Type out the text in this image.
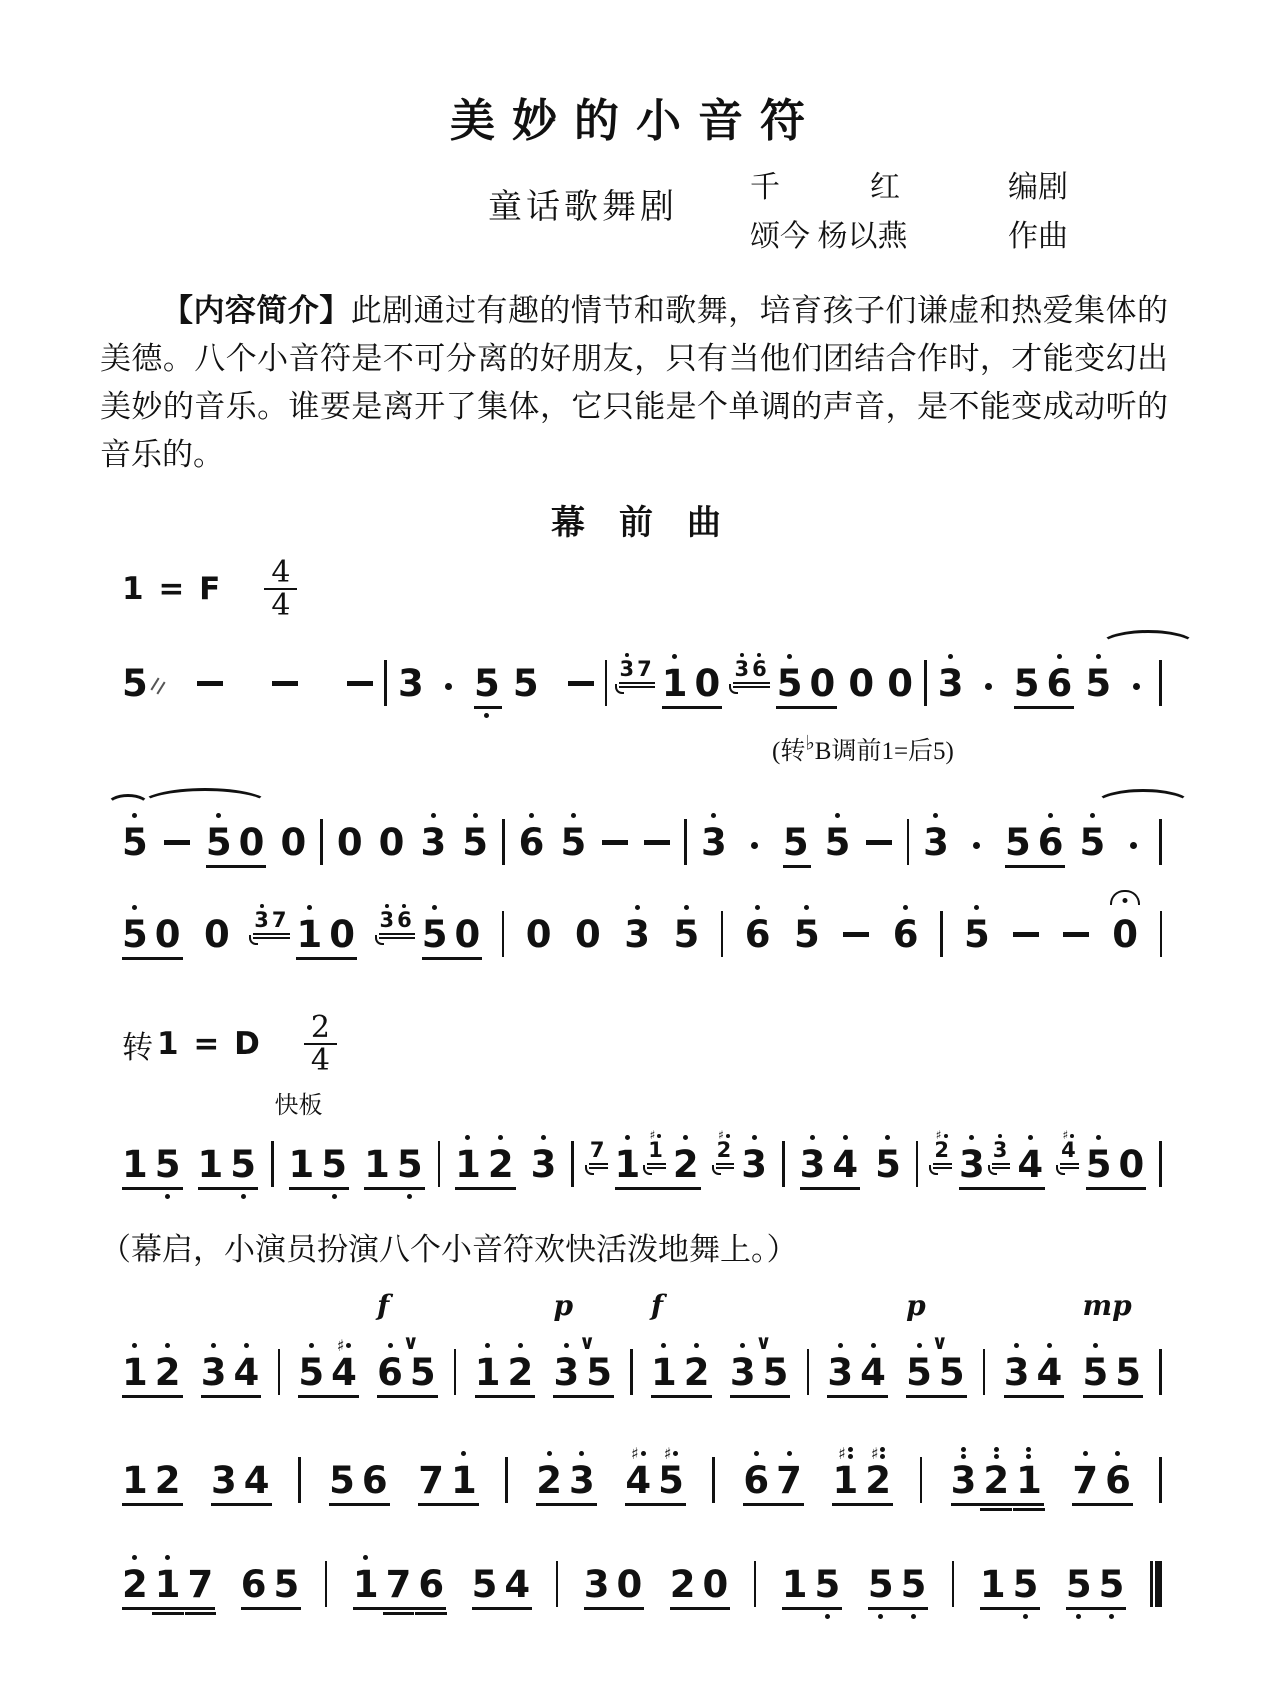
美妙的小音符
童话歌舞剧
千　　　红	编剧
颂今 杨以燕	作曲

【内容简介】此剧通过有趣的情节和歌舞，培育孩子们谦虚和热爱集体的美德。八个小音符是不可分离的好朋友，只有当他们团结合作时，才能变幻出美妙的音乐。谁要是离开了集体，它只能是个单调的声音，是不能变成动听的音乐的。

幕　前　曲
1 = F $\frac{4}{4}$
5	3 5 5	3 7 1 0 3 6 5 0 0 0 3 5 6 5
(转♭B调前1=后5)
5 5 0 0 0 0 3 5 6 5	3 5 5 3 5 6 5
5 0 0 3 7 1 0 3 6 5 0 0 0 3 5 6 5 6 5	0
转 1 = D $\frac{2}{4}$
1 5 1 5 1
快板
5 1 5 1 2 3 7 1
♯
1 2
♯
2 3 3 4 5
♯
2 3 3 4
♯
4 5 0

（幕启，小演员扮演八个小音符欢快活泼地舞上。）

1 2 3 4 5
♯
4 6
∨
f
5 1 2 3
∨
p
5 1
f
2 3
∨
5 3 4 5
∨
p
5 3 4 5
mp
5
1 2 3 4 5 6 7 1 2 3
♯
4
♯
5 6 7
♯
1
♯
2 3 2 1 7 6
2 1 7 6 5 1 7 6 5 4 3 0 2 0 1 5 5 5 1 5 5 5
